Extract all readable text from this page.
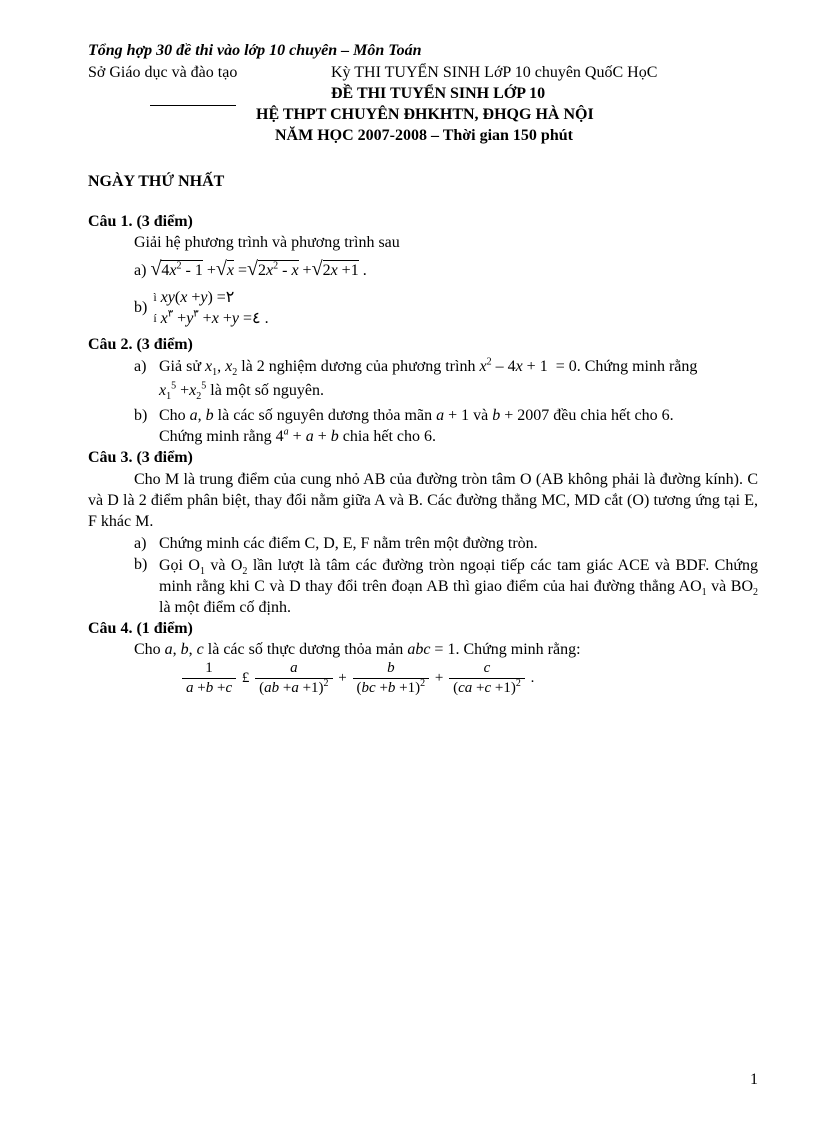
Tổng hợp 30 đề thi vào lớp 10 chuyên – Môn Toán
Sở Giáo dục và đào tạo	Kỳ THI TUYỂN SINH LớP 10 chuyên QuốC HọC
ĐỀ THI TUYỂN SINH LỚP 10
HỆ THPT CHUYÊN ĐHKHTN, ĐHQG HÀ NỘI
NĂM HỌC 2007-2008 – Thời gian 150 phút
NGÀY THỨ NHẤT
Câu 1. (3 điểm)
Giải hệ phương trình và phương trình sau
a) $√4x^2 - 1 +√x =√2x^2 - x +√2x +1$ .
b) ì
í xy(x +y) =۲
$x^۳ +y^۳ +x +y$ =٤ .
Câu 2. (3 điểm)
a) Giả sử $x_1$, $x_2$ là 2 nghiệm dương của phương trình $x^2 - 4x + 1 = 0$. Chứng minh rằng
$x_1^5 +x_2^5$ là một số nguyên.
b) Cho a, b là các số nguyên dương thỏa mãn a + 1 và b + 2007 đều chia hết cho 6.
Chứng minh rằng $4^a + a + b$ chia hết cho 6.
Câu 3. (3 điểm)
Cho M là trung điểm của cung nhỏ AB của đường tròn tâm O (AB không phải là đường kính). C và D là 2 điểm phân biệt, thay đổi nằm giữa A và B. Các đường thẳng MC, MD cắt (O) tương ứng tại E, F khác M.
a) Chứng minh các điểm C, D, E, F nằm trên một đường tròn.
b) Gọi $O_1$ và $O_2$ lần lượt là tâm các đường tròn ngoại tiếp các tam giác ACE và BDF. Chứng minh rằng khi C và D thay đổi trên đoạn AB thì giao điểm của hai đường thẳng $AO_1$ và $BO_2$ là một điểm cố định.
Câu 4. (1 điểm)
Cho a, b, c là các số thực dương thỏa mản abc = 1. Chứng minh rằng:
$\frac{1}{a +b +c}$ £ $\frac{a}{(ab +a +1)^2} + \frac{b}{(bc +b +1)^2} + \frac{c}{(ca +c +1)^2}$ .
1
